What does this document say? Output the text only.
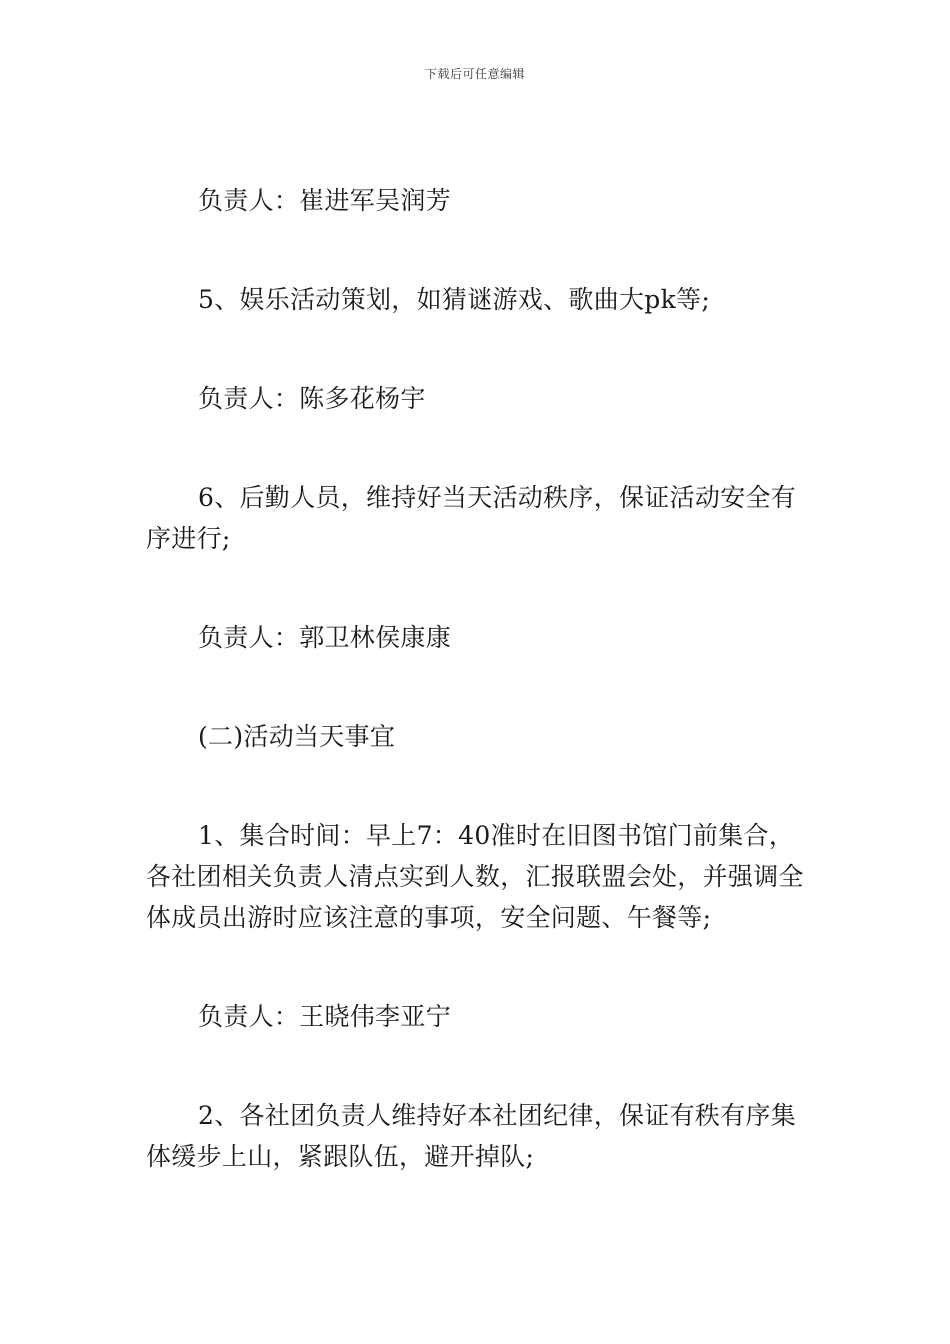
下载后可任意编辑

负责人：崔进军吴润芳

5、娱乐活动策划，如猜谜游戏、歌曲大pk等;

负责人：陈多花杨宇

6、后勤人员，维持好当天活动秩序，保证活动安全有序进行;

负责人：郭卫林侯康康

(二)活动当天事宜

1、集合时间：早上7：40准时在旧图书馆门前集合，各社团相关负责人清点实到人数，汇报联盟会处，并强调全体成员出游时应该注意的事项，安全问题、午餐等;

负责人：王晓伟李亚宁

2、各社团负责人维持好本社团纪律，保证有秩有序集体缓步上山，紧跟队伍，避开掉队;
